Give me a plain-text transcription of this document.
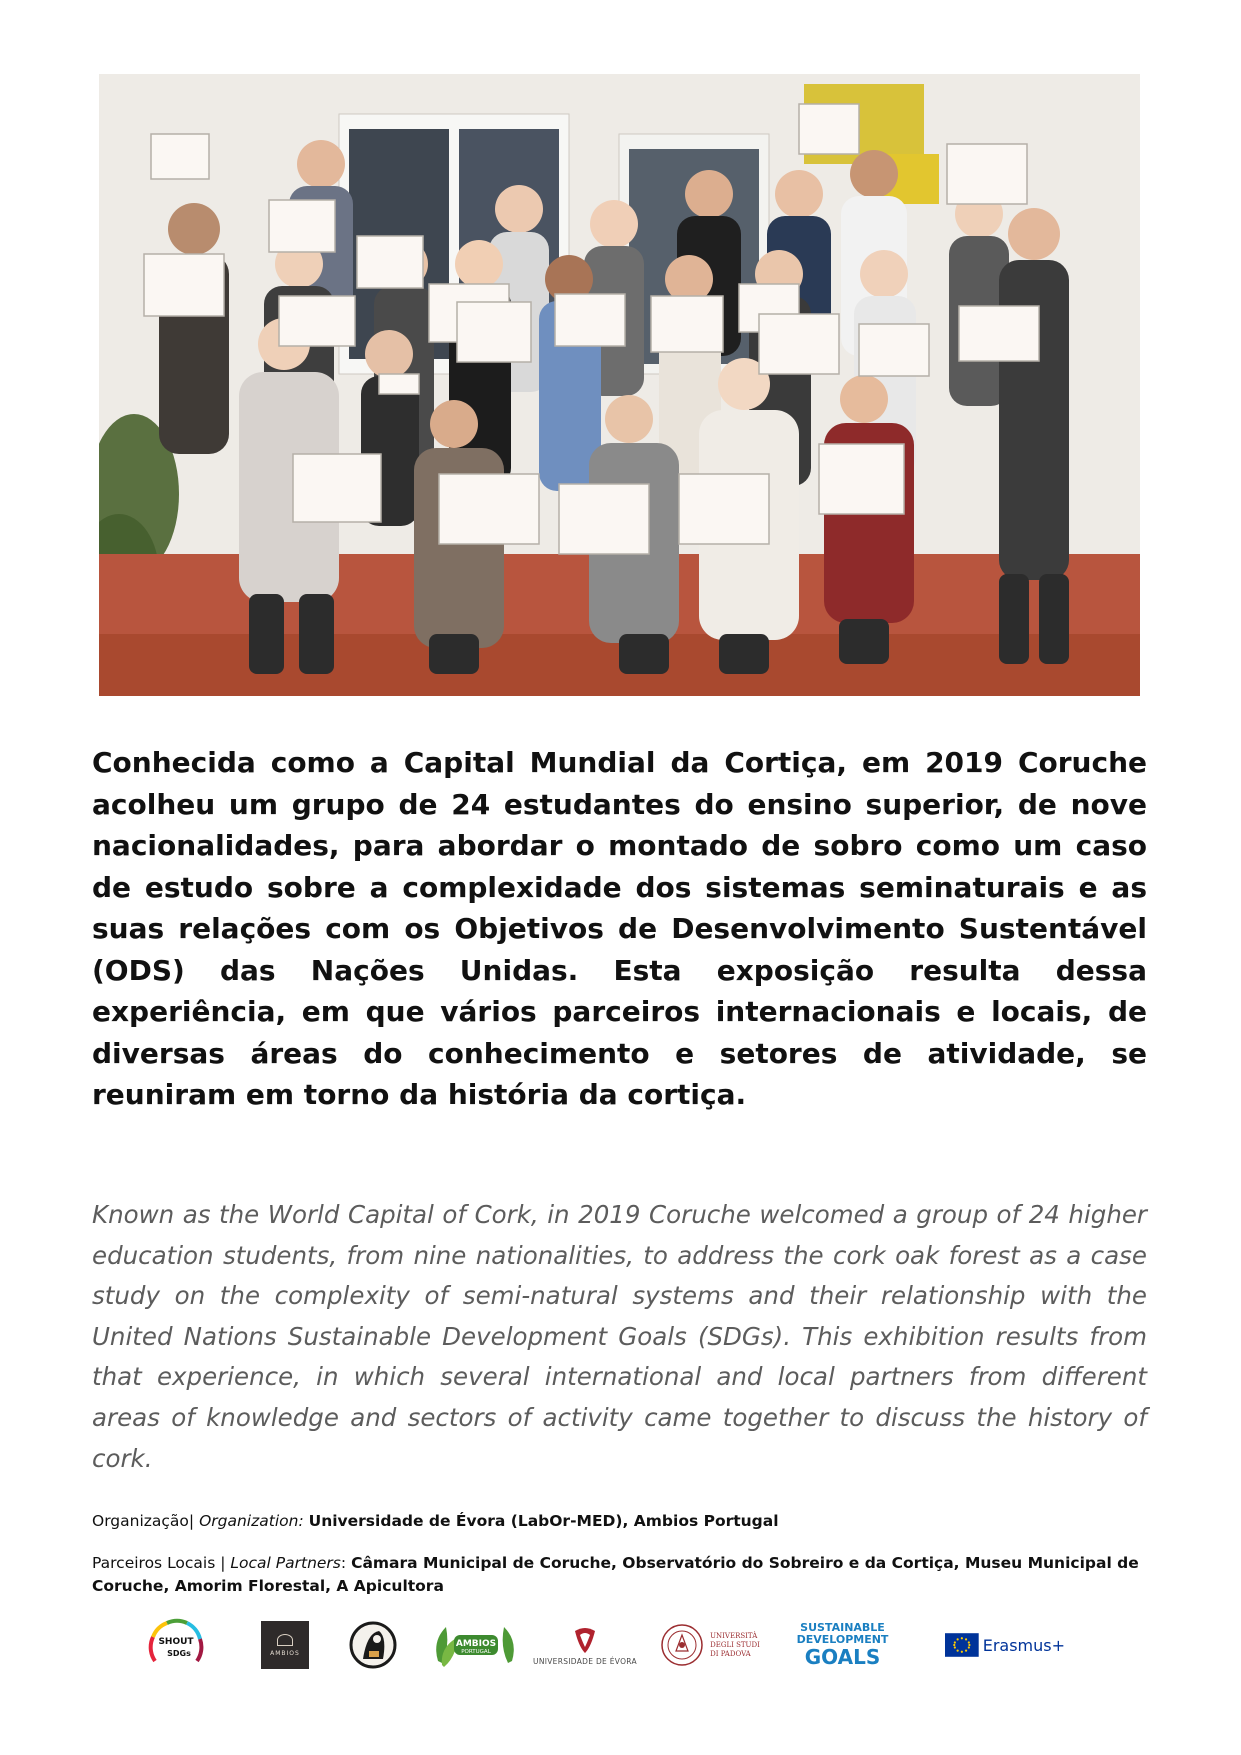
Conhecida como a Capital Mundial da Cortiça, em 2019 Coruche acolheu um grupo de 24 estudantes do ensino superior, de nove nacionalidades, para abordar o montado de sobro como um caso de estudo sobre a complexidade dos sistemas seminaturais e as suas relações com os Objetivos de Desenvolvimento Sustentável (ODS) das Nações Unidas. Esta exposição resulta dessa experiência, em que vários parceiros internacionais e locais, de diversas áreas do conhecimento e setores de atividade, se reuniram em torno da história da cortiça.
Known as the World Capital of Cork, in 2019 Coruche welcomed a group of 24 higher education students, from nine nationalities, to address the cork oak forest as a case study on the complexity of semi-natural systems and their relationship with the United Nations Sustainable Development Goals (SDGs). This exhibition results from that experience, in which several international and local partners from different areas of knowledge and sectors of activity came together to discuss the history of cork.
Organização| Organization: Universidade de Évora (LabOr-MED), Ambios Portugal
Parceiros Locais | Local Partners: Câmara Municipal de Coruche, Observatório do Sobreiro e da Cortiça, Museu Municipal de Coruche, Amorim Florestal, A Apicultora
SHOUT
SDGs	AMBIOS
AMBIOS
PORTUGAL
UNIVERSIDADE DE ÉVORA
UNIVERSITÀ
DEGLI STUDI
DI PADOVA
SUSTAINABLE
DEVELOPMENT
GOALS	Erasmus+
